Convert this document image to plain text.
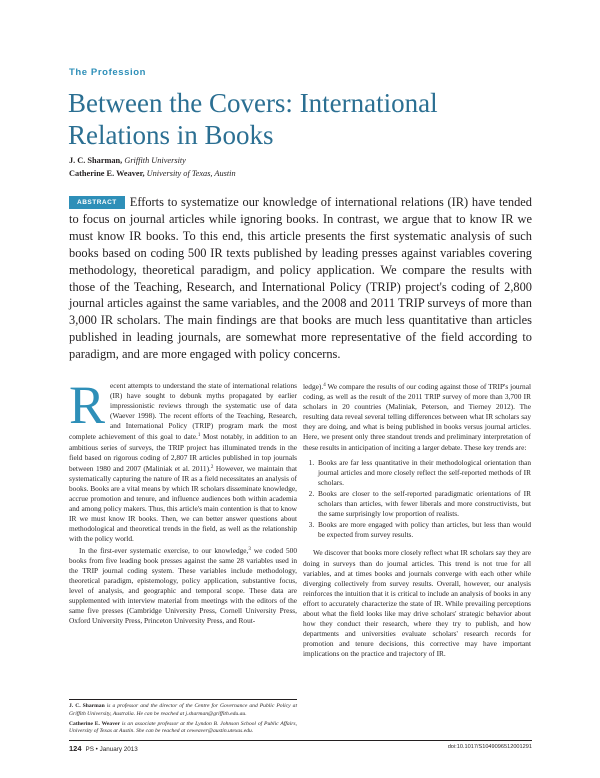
The Profession
Between the Covers: International Relations in Books
J. C. Sharman, Griffith University
Catherine E. Weaver, University of Texas, Austin
ABSTRACT Efforts to systematize our knowledge of international relations (IR) have tended to focus on journal articles while ignoring books. In contrast, we argue that to know IR we must know IR books. To this end, this article presents the first systematic analysis of such books based on coding 500 IR texts published by leading presses against variables covering methodology, theoretical paradigm, and policy application. We compare the results with those of the Teaching, Research, and International Policy (TRIP) project's coding of 2,800 journal articles against the same variables, and the 2008 and 2011 TRIP surveys of more than 3,000 IR scholars. The main findings are that books are much less quantitative than articles published in leading journals, are somewhat more representative of the field according to paradigm, and are more engaged with policy concerns.

Recent attempts to understand the state of international relations (IR) have sought to debunk myths propagated by earlier impressionistic reviews through the systematic use of data (Waever 1998). The recent efforts of the Teaching, Research, and International Policy (TRIP) program mark the most complete achievement of this goal to date.$^1$ Most notably, in addition to an ambitious series of surveys, the TRIP project has illuminated trends in the field based on rigorous coding of 2,807 IR articles published in top journals between 1980 and 2007 (Maliniak et al. 2011).$^2$ However, we maintain that systematically capturing the nature of IR as a field necessitates an analysis of books. Books are a vital means by which IR scholars disseminate knowledge, accrue promotion and tenure, and influence audiences both within academia and among policy makers. Thus, this article's main contention is that to know IR we must know IR books. Then, we can better answer questions about methodological and theoretical trends in the field, as well as the relationship with the policy world.

In the first-ever systematic exercise, to our knowledge,$^3$ we coded 500 books from five leading book presses against the same 28 variables used in the TRIP journal coding system. These variables include methodology, theoretical paradigm, epistemology, policy application, substantive focus, level of analysis, and geographic and temporal scope. These data are supplemented with interview material from meetings with the editors of the same five presses (Cambridge University Press, Cornell University Press, Oxford University Press, Princeton University Press, and Rout-

ledge).$^4$ We compare the results of our coding against those of TRIP's journal coding, as well as the result of the 2011 TRIP survey of more than 3,700 IR scholars in 20 countries (Maliniak, Peterson, and Tierney 2012). The resulting data reveal several telling differences between what IR scholars say they are doing, and what is being published in books versus journal articles. Here, we present only three standout trends and preliminary interpretation of these results in anticipation of inciting a larger debate. These key trends are:

1. Books are far less quantitative in their methodological orientation than journal articles and more closely reflect the self-reported methods of IR scholars.
2. Books are closer to the self-reported paradigmatic orientations of IR scholars than articles, with fewer liberals and more constructivists, but the same surprisingly low proportion of realists.
3. Books are more engaged with policy than articles, but less than would be expected from survey results.

We discover that books more closely reflect what IR scholars say they are doing in surveys than do journal articles. This trend is not true for all variables, and at times books and journals converge with each other while diverging collectively from survey results. Overall, however, our analysis reinforces the intuition that it is critical to include an analysis of books in any effort to accurately characterize the state of IR. While prevailing perceptions about what the field looks like may drive scholars' strategic behavior about how they conduct their research, where they try to publish, and how departments and universities evaluate scholars' research records for promotion and tenure decisions, this corrective may have important implications on the practice and trajectory of IR.

J. C. Sharman is a professor and the director of the Centre for Governance and Public Policy at Griffith University, Australia. He can be reached at j.sharman@griffith.edu.au.

Catherine E. Weaver is an associate professor at the Lyndon B. Johnson School of Public Affairs, University of Texas at Austin. She can be reached at ceweaver@austin.utexas.edu.

124 PS • January 2013	doi:10.1017/S1049096512001291
